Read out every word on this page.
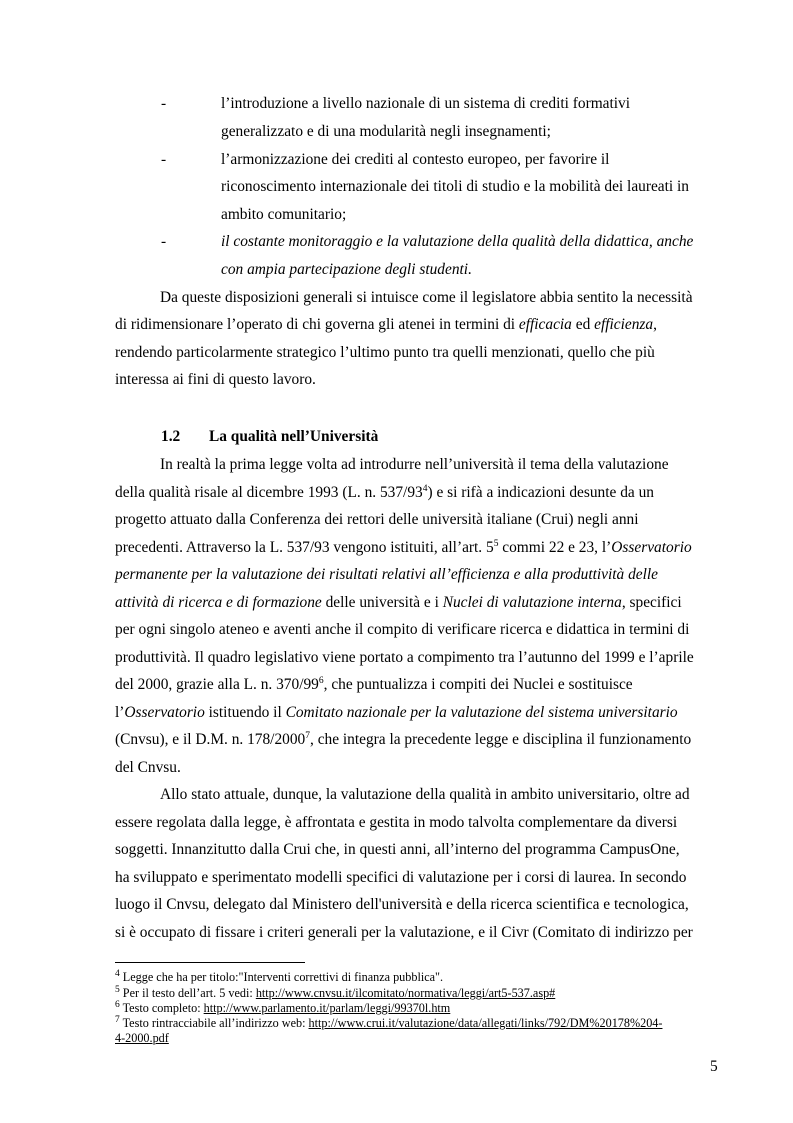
-	l’introduzione a livello nazionale di un sistema di crediti formativi
generalizzato e di una modularità negli insegnamenti;
-	l’armonizzazione dei crediti al contesto europeo, per favorire il
riconoscimento internazionale dei titoli di studio e la mobilità dei laureati in
ambito comunitario;
-	il costante monitoraggio e la valutazione della qualità della didattica, anche
con ampia partecipazione degli studenti.
Da queste disposizioni generali si intuisce come il legislatore abbia sentito la necessità
di ridimensionare l’operato di chi governa gli atenei in termini di efficacia ed efficienza,
rendendo particolarmente strategico l’ultimo punto tra quelli menzionati, quello che più
interessa ai fini di questo lavoro.
1.2 La qualità nell’Università
In realtà la prima legge volta ad introdurre nell’università il tema della valutazione
della qualità risale al dicembre 1993 (L. n. $537/93^4$) e si rifà a indicazioni desunte da un
progetto attuato dalla Conferenza dei rettori delle università italiane (Crui) negli anni
precedenti. Attraverso la L. 537/93 vengono istituiti, all’art. $5^5$ commi 22 e 23, l’Osservatorio
permanente per la valutazione dei risultati relativi all’efficienza e alla produttività delle
attività di ricerca e di formazione delle università e i Nuclei di valutazione interna, specifici
per ogni singolo ateneo e aventi anche il compito di verificare ricerca e didattica in termini di
produttività. Il quadro legislativo viene portato a compimento tra l’autunno del 1999 e l’aprile
del 2000, grazie alla L. n. $370/99^6$, che puntualizza i compiti dei Nuclei e sostituisce
l’Osservatorio istituendo il Comitato nazionale per la valutazione del sistema universitario
(Cnvsu), e il D.M. n. 178/2000$^7$, che integra la precedente legge e disciplina il funzionamento
del Cnvsu.
Allo stato attuale, dunque, la valutazione della qualità in ambito universitario, oltre ad
essere regolata dalla legge, è affrontata e gestita in modo talvolta complementare da diversi
soggetti. Innanzitutto dalla Crui che, in questi anni, all’interno del programma CampusOne,
ha sviluppato e sperimentato modelli specifici di valutazione per i corsi di laurea. In secondo
luogo il Cnvsu, delegato dal Ministero dell'università e della ricerca scientifica e tecnologica,
si è occupato di fissare i criteri generali per la valutazione, e il Civr (Comitato di indirizzo per
$^4$ Legge che ha per titolo:"Interventi correttivi di finanza pubblica".
$^5$ Per il testo dell’art. 5 vedi: http://www.cnvsu.it/ilcomitato/normativa/leggi/art5-537.asp#
$^6$ Testo completo: http://www.parlamento.it/parlam/leggi/99370l.htm
$^7$ Testo rintracciabile all’indirizzo web: http://www.crui.it/valutazione/data/allegati/links/792/DM%20178%204-
4-2000.pdf
5
